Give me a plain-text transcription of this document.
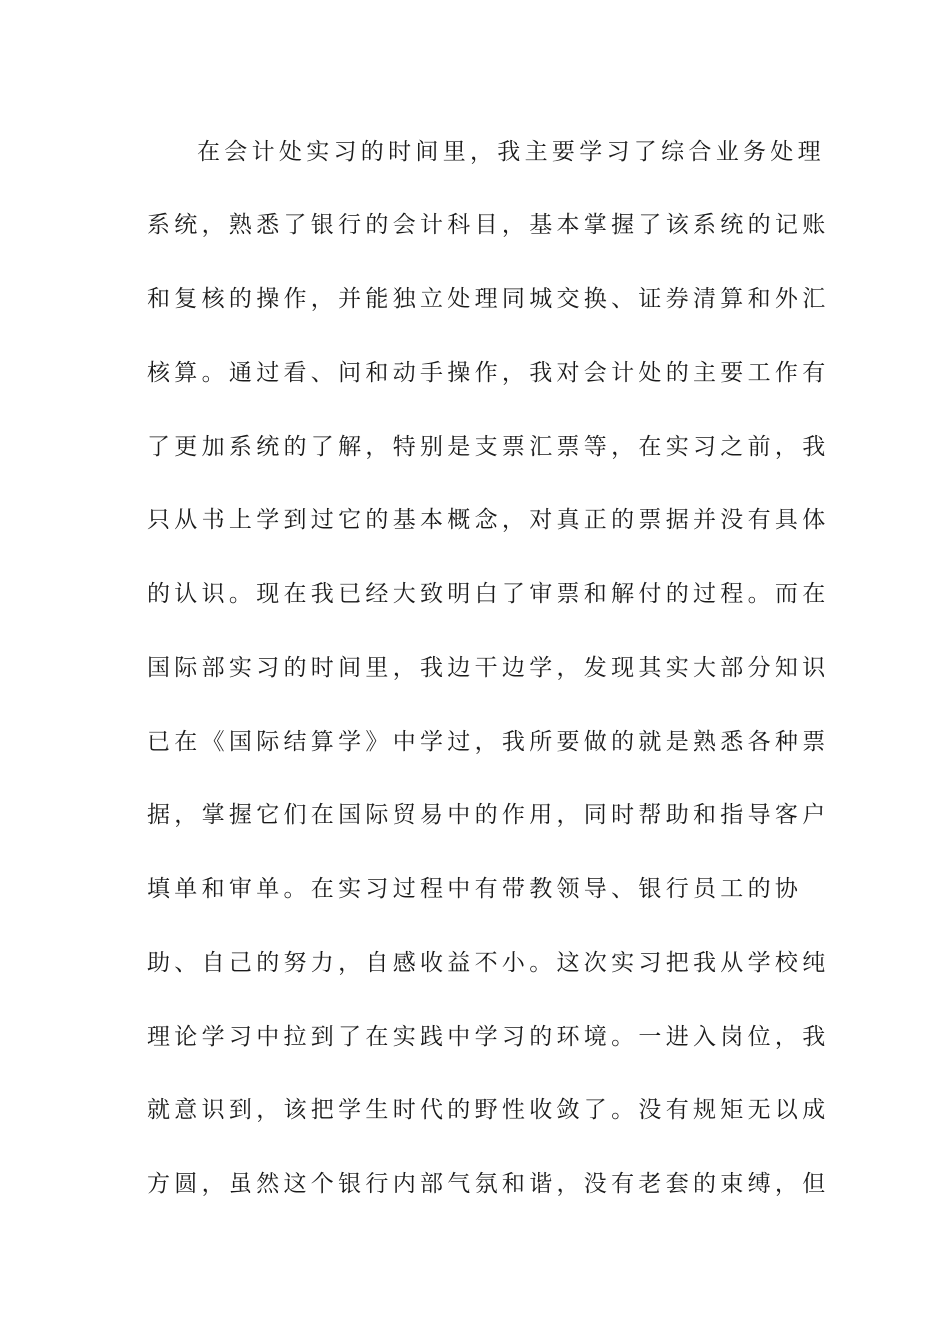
在会计处实习的时间里，我主要学习了综合业务处理
系统，熟悉了银行的会计科目，基本掌握了该系统的记账
和复核的操作，并能独立处理同城交换、证券清算和外汇
核算。通过看、问和动手操作，我对会计处的主要工作有
了更加系统的了解，特别是支票汇票等，在实习之前，我
只从书上学到过它的基本概念，对真正的票据并没有具体
的认识。现在我已经大致明白了审票和解付的过程。而在
国际部实习的时间里，我边干边学，发现其实大部分知识
已在《国际结算学》中学过，我所要做的就是熟悉各种票
据，掌握它们在国际贸易中的作用，同时帮助和指导客户
填单和审单。在实习过程中有带教领导、银行员工的协
助、自己的努力，自感收益不小。这次实习把我从学校纯
理论学习中拉到了在实践中学习的环境。一进入岗位，我
就意识到，该把学生时代的野性收敛了。没有规矩无以成
方圆，虽然这个银行内部气氛和谐，没有老套的束缚，但
